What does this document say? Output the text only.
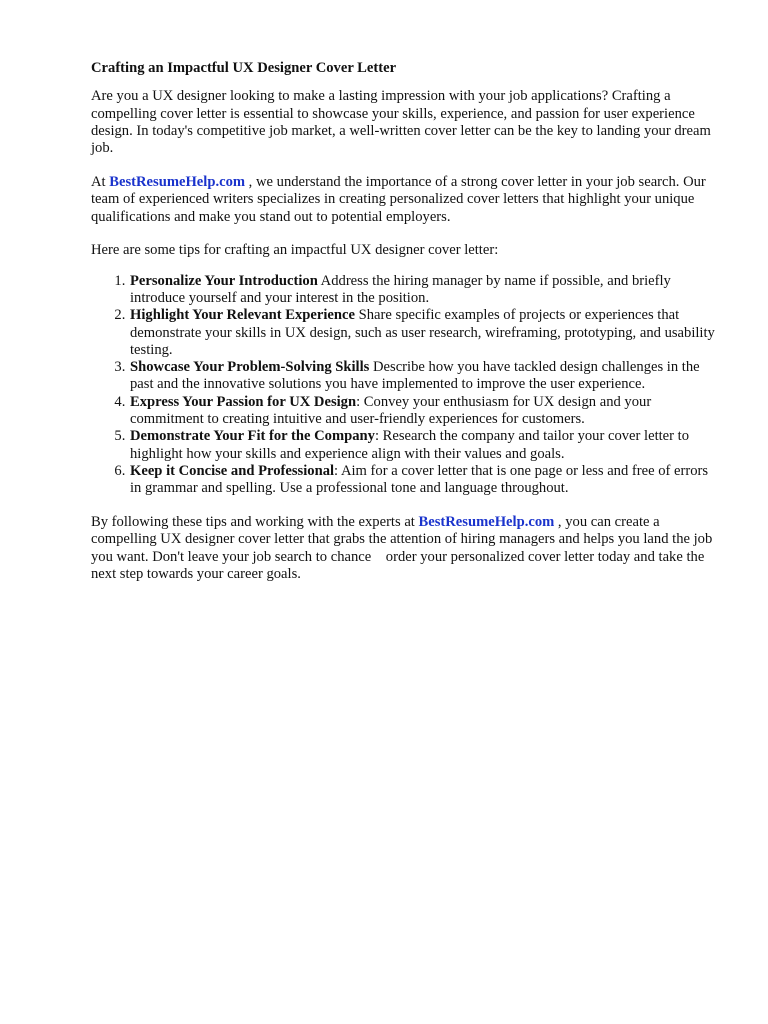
Crafting an Impactful UX Designer Cover Letter

Are you a UX designer looking to make a lasting impression with your job applications? Crafting a compelling cover letter is essential to showcase your skills, experience, and passion for user experience design. In today's competitive job market, a well-written cover letter can be the key to landing your dream job.

At BestResumeHelp.com , we understand the importance of a strong cover letter in your job search. Our team of experienced writers specializes in creating personalized cover letters that highlight your unique qualifications and make you stand out to potential employers.

Here are some tips for crafting an impactful UX designer cover letter:

1. Personalize Your Introduction Address the hiring manager by name if possible, and briefly introduce yourself and your interest in the position.
2. Highlight Your Relevant Experience Share specific examples of projects or experiences that demonstrate your skills in UX design, such as user research, wireframing, prototyping, and usability testing.
3. Showcase Your Problem-Solving Skills Describe how you have tackled design challenges in the past and the innovative solutions you have implemented to improve the user experience.
4. Express Your Passion for UX Design: Convey your enthusiasm for UX design and your commitment to creating intuitive and user-friendly experiences for customers.
5. Demonstrate Your Fit for the Company: Research the company and tailor your cover letter to highlight how your skills and experience align with their values and goals.
6. Keep it Concise and Professional: Aim for a cover letter that is one page or less and free of errors in grammar and spelling. Use a professional tone and language throughout.

By following these tips and working with the experts at BestResumeHelp.com , you can create a compelling UX designer cover letter that grabs the attention of hiring managers and helps you land the job you want. Don't leave your job search to chance    order your personalized cover letter today and take the next step towards your career goals.
